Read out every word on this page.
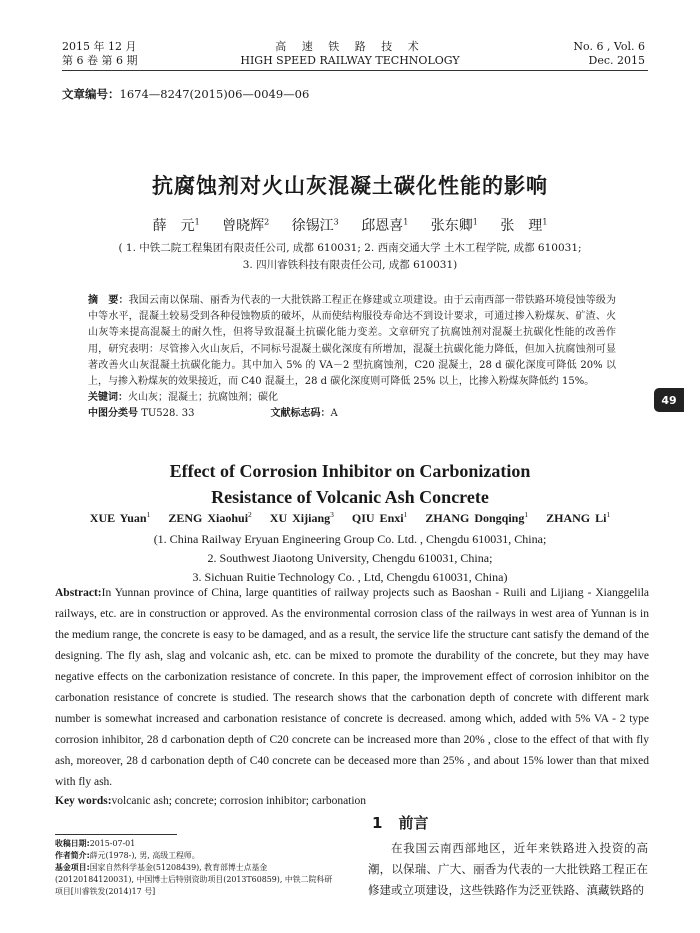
2015 年 12 月
第 6 卷 第 6 期
高 速 铁 路 技 术
HIGH SPEED RAILWAY TECHNOLOGY
No. 6 , Vol. 6
Dec. 2015
文章编号：1674—8247(2015)06—0049—06
抗腐蚀剂对火山灰混凝土碳化性能的影响
薛　元$^1$ 曾晓辉$^2$ 徐锡江$^3$ 邱恩喜$^1$ 张东卿$^1$ 张　理$^1$
( 1. 中铁二院工程集团有限责任公司, 成都 610031; 2. 西南交通大学 土木工程学院, 成都 610031;
3. 四川睿铁科技有限责任公司, 成都 610031)
摘　要：我国云南以保瑞、丽香为代表的一大批铁路工程正在修建或立项建设。由于云南西部一带铁路环境侵蚀等级为中等水平，混凝土较易受到各种侵蚀物质的破坏，从而使结构服役寿命达不到设计要求，可通过掺入粉煤灰、矿渣、火山灰等来提高混凝土的耐久性，但将导致混凝土抗碳化能力变差。文章研究了抗腐蚀剂对混凝土抗碳化性能的改善作用，研究表明：尽管掺入火山灰后，不同标号混凝土碳化深度有所增加，混凝土抗碳化能力降低，但加入抗腐蚀剂可显著改善火山灰混凝土抗碳化能力。其中加入 5% 的 VA－2 型抗腐蚀剂，C20 混凝土，28 d 碳化深度可降低 20% 以上，与掺入粉煤灰的效果接近，而 C40 混凝土，28 d 碳化深度则可降低 25% 以上，比掺入粉煤灰降低约 15%。
关键词：火山灰；混凝土；抗腐蚀剂；碳化
中图分类号 TU528. 33	文献标志码：A
Effect of Corrosion Inhibitor on Carbonization
Resistance of Volcanic Ash Concrete
XUE Yuan$^1$ ZENG Xiaohui$^2$ XU Xijiang$^3$ QIU Enxi$^1$ ZHANG Dongqing$^1$ ZHANG Li$^1$
(1. China Railway Eryuan Engineering Group Co. Ltd. , Chengdu 610031, China;
2. Southwest Jiaotong University, Chengdu 610031, China;
3. Sichuan Ruitie Technology Co. , Ltd, Chengdu 610031, China)
Abstract:In Yunnan province of China, large quantities of railway projects such as Baoshan - Ruili and Lijiang - Xianggelila railways, etc. are in construction or approved. As the environmental corrosion class of the railways in west area of Yunnan is in the medium range, the concrete is easy to be damaged, and as a result, the service life the structure cant satisfy the demand of the designing. The fly ash, slag and volcanic ash, etc. can be mixed to promote the durability of the concrete, but they may have negative effects on the carbonization resistance of concrete. In this paper, the improvement effect of corrosion inhibitor on the carbonation resistance of concrete is studied. The research shows that the carbonation depth of concrete with different mark number is somewhat increased and carbonation resistance of concrete is decreased. among which, added with 5% VA - 2 type corrosion inhibitor, 28 d carbonation depth of C20 concrete can be increased more than 20% , close to the effect of that with fly ash, moreover, 28 d carbonation depth of C40 concrete can be deceased more than 25% , and about 15% lower than that mixed with fly ash.
Key words:volcanic ash; concrete; corrosion inhibitor; carbonation
49
收稿日期:2015-07-01
作者简介:薛元(1978-), 男, 高级工程师。
基金项目:国家自然科学基金(51208439), 教育部博士点基金(20120184120031), 中国博士后特别资助项目(2013T60859), 中铁二院科研项目[川睿铁发(2014)17 号]
1 前言
在我国云南西部地区，近年来铁路进入投资的高潮，以保瑞、广大、丽香为代表的一大批铁路工程正在修建或立项建设，这些铁路作为泛亚铁路、滇藏铁路的
